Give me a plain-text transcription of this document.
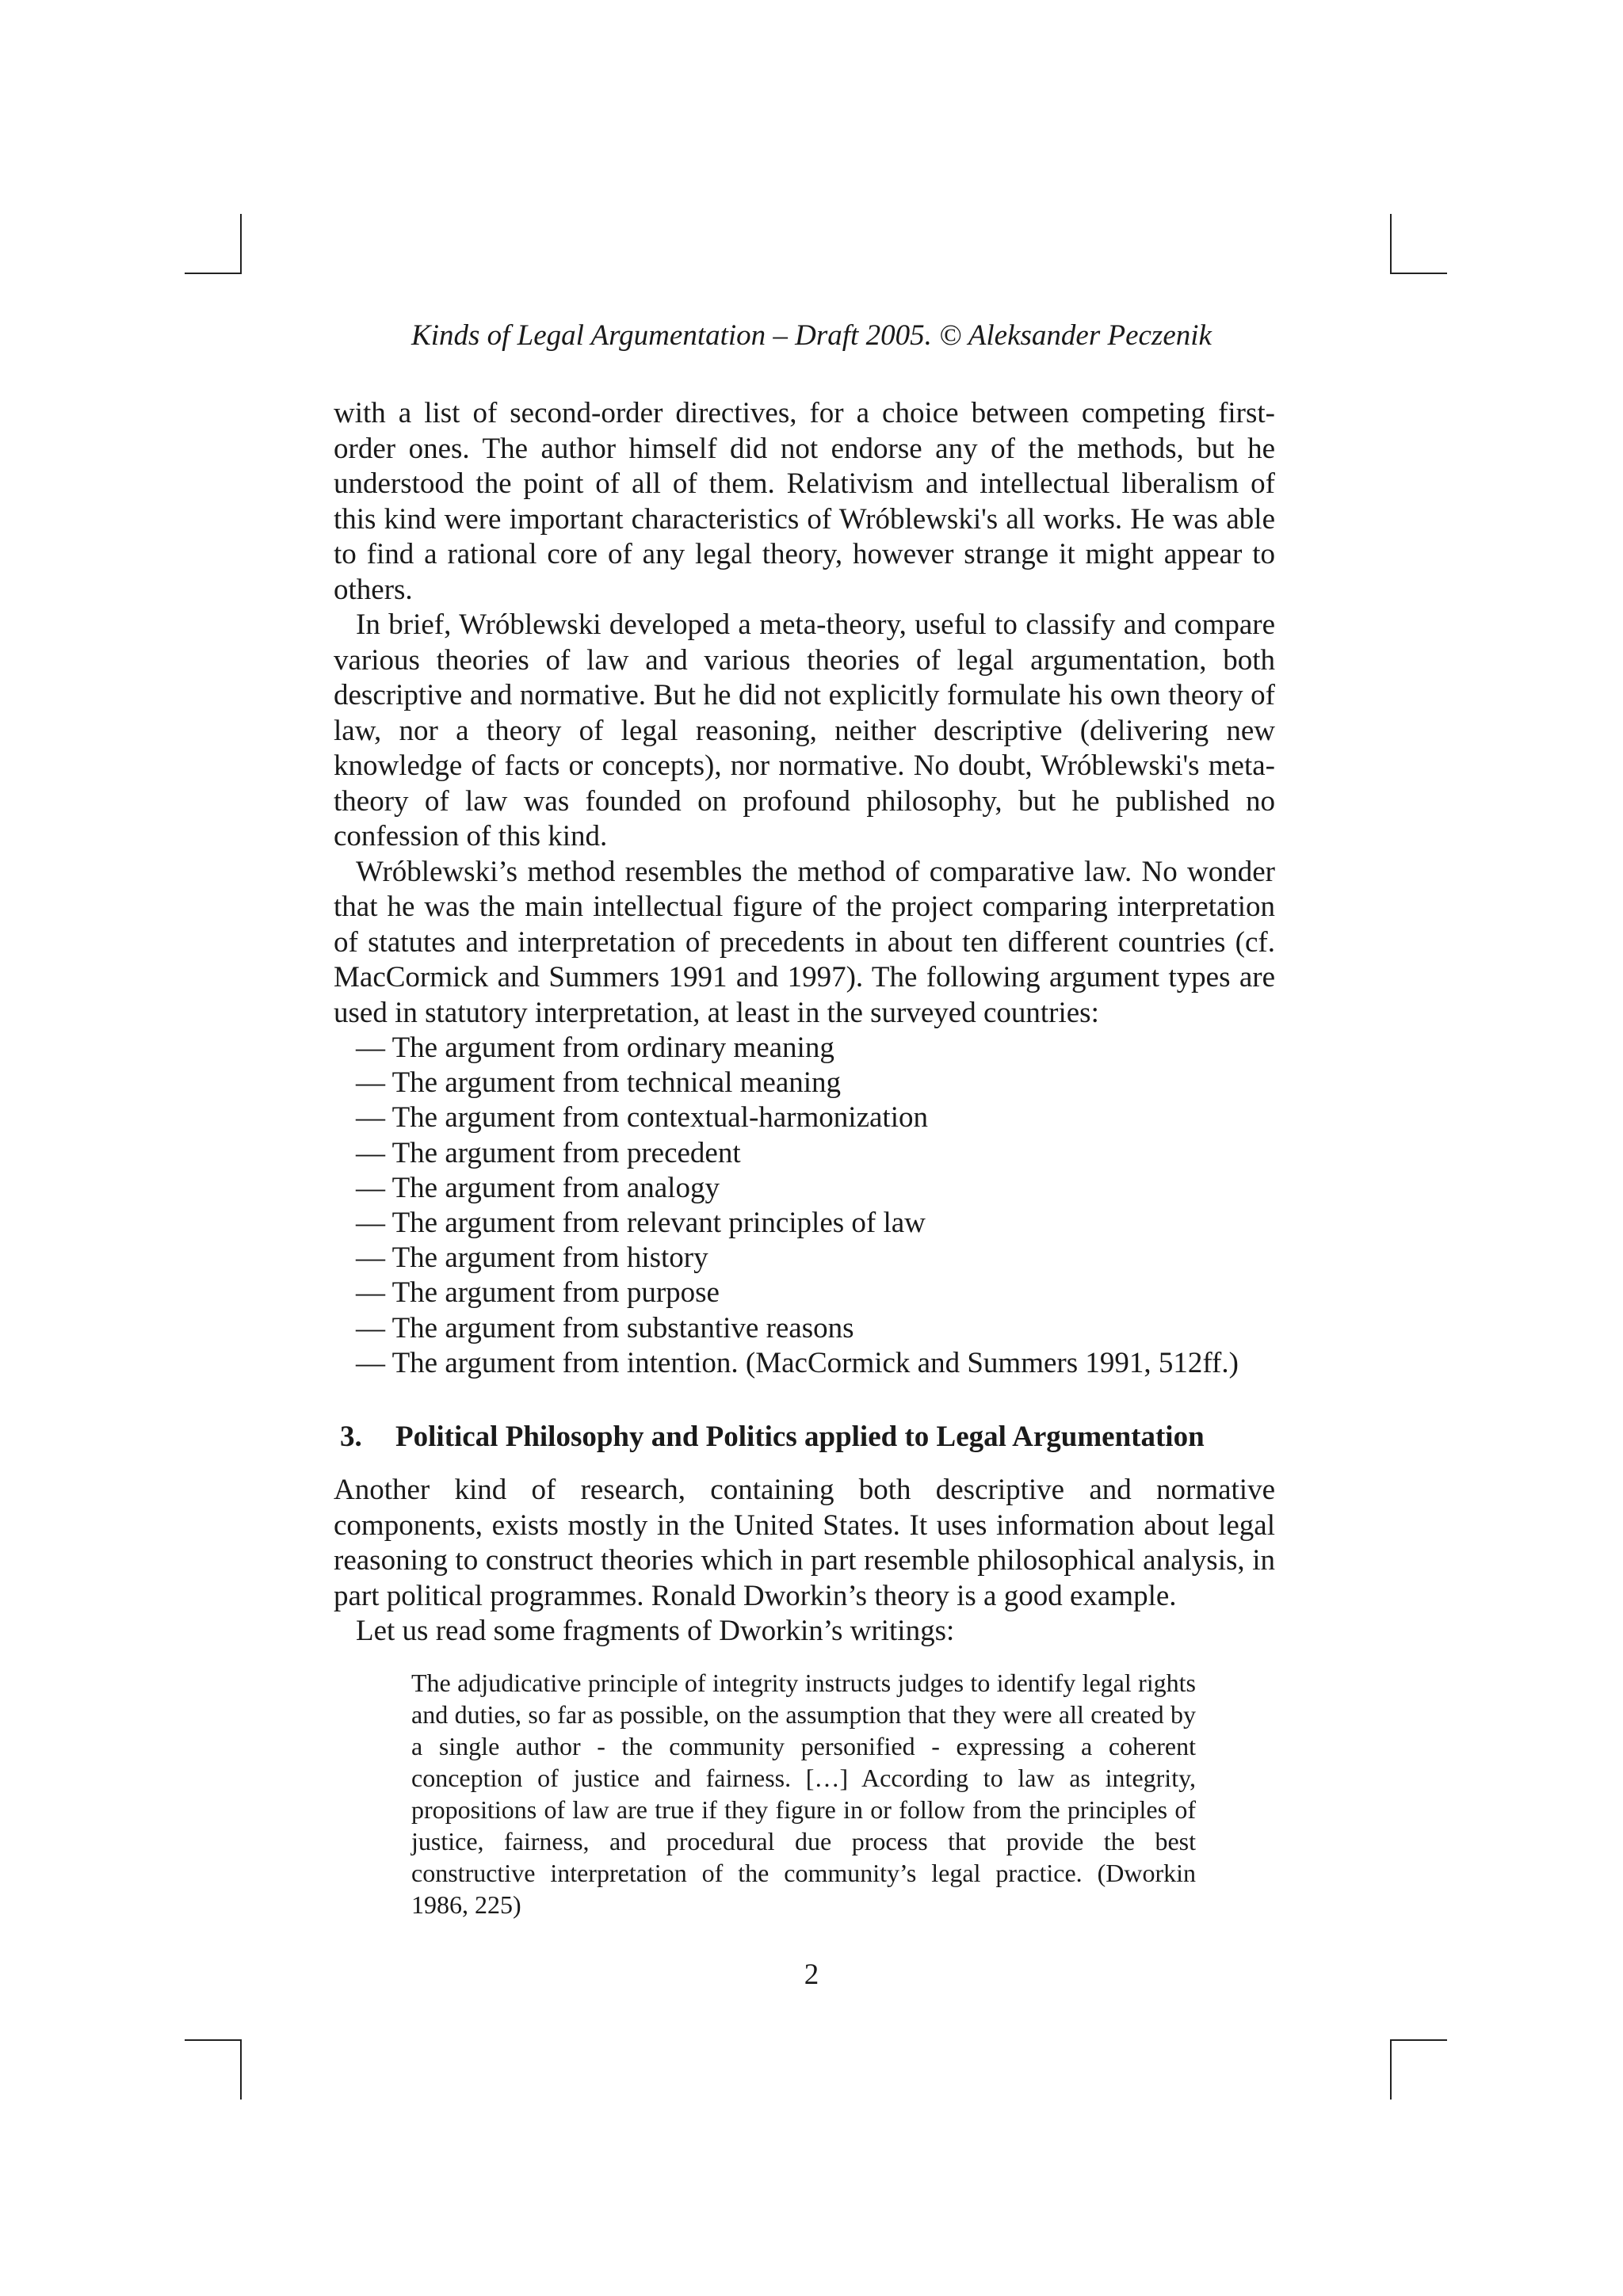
Kinds of Legal Argumentation – Draft 2005. © Aleksander Peczenik

with a list of second-order directives, for a choice between competing first-order ones. The author himself did not endorse any of the methods, but he understood the point of all of them. Relativism and intellectual liberalism of this kind were important characteristics of Wróblewski's all works. He was able to find a rational core of any legal theory, however strange it might appear to others.

In brief, Wróblewski developed a meta-theory, useful to classify and compare various theories of law and various theories of legal argumentation, both descriptive and normative. But he did not explicitly formulate his own theory of law, nor a theory of legal reasoning, neither descriptive (delivering new knowledge of facts or concepts), nor normative. No doubt, Wróblewski's meta-theory of law was founded on profound philosophy, but he published no confession of this kind.

Wróblewski’s method resembles the method of comparative law. No wonder that he was the main intellectual figure of the project comparing interpretation of statutes and interpretation of precedents in about ten different countries (cf. MacCormick and Summers 1991 and 1997). The following argument types are used in statutory interpretation, at least in the surveyed countries:

— The argument from ordinary meaning
— The argument from technical meaning
— The argument from contextual-harmonization
— The argument from precedent
— The argument from analogy
— The argument from relevant principles of law
— The argument from history
— The argument from purpose
— The argument from substantive reasons
— The argument from intention. (MacCormick and Summers 1991, 512ff.)
3.	Political Philosophy and Politics applied to Legal Argumentation

Another kind of research, containing both descriptive and normative components, exists mostly in the United States. It uses information about legal reasoning to construct theories which in part resemble philosophical analysis, in part political programmes. Ronald Dworkin’s theory is a good example.

Let us read some fragments of Dworkin’s writings:

The adjudicative principle of integrity instructs judges to identify legal rights and duties, so far as possible, on the assumption that they were all created by a single author - the community personified - expressing a coherent conception of justice and fairness. […] According to law as integrity, propositions of law are true if they figure in or follow from the principles of justice, fairness, and procedural due process that provide the best constructive interpretation of the community’s legal practice. (Dworkin 1986, 225)
2
